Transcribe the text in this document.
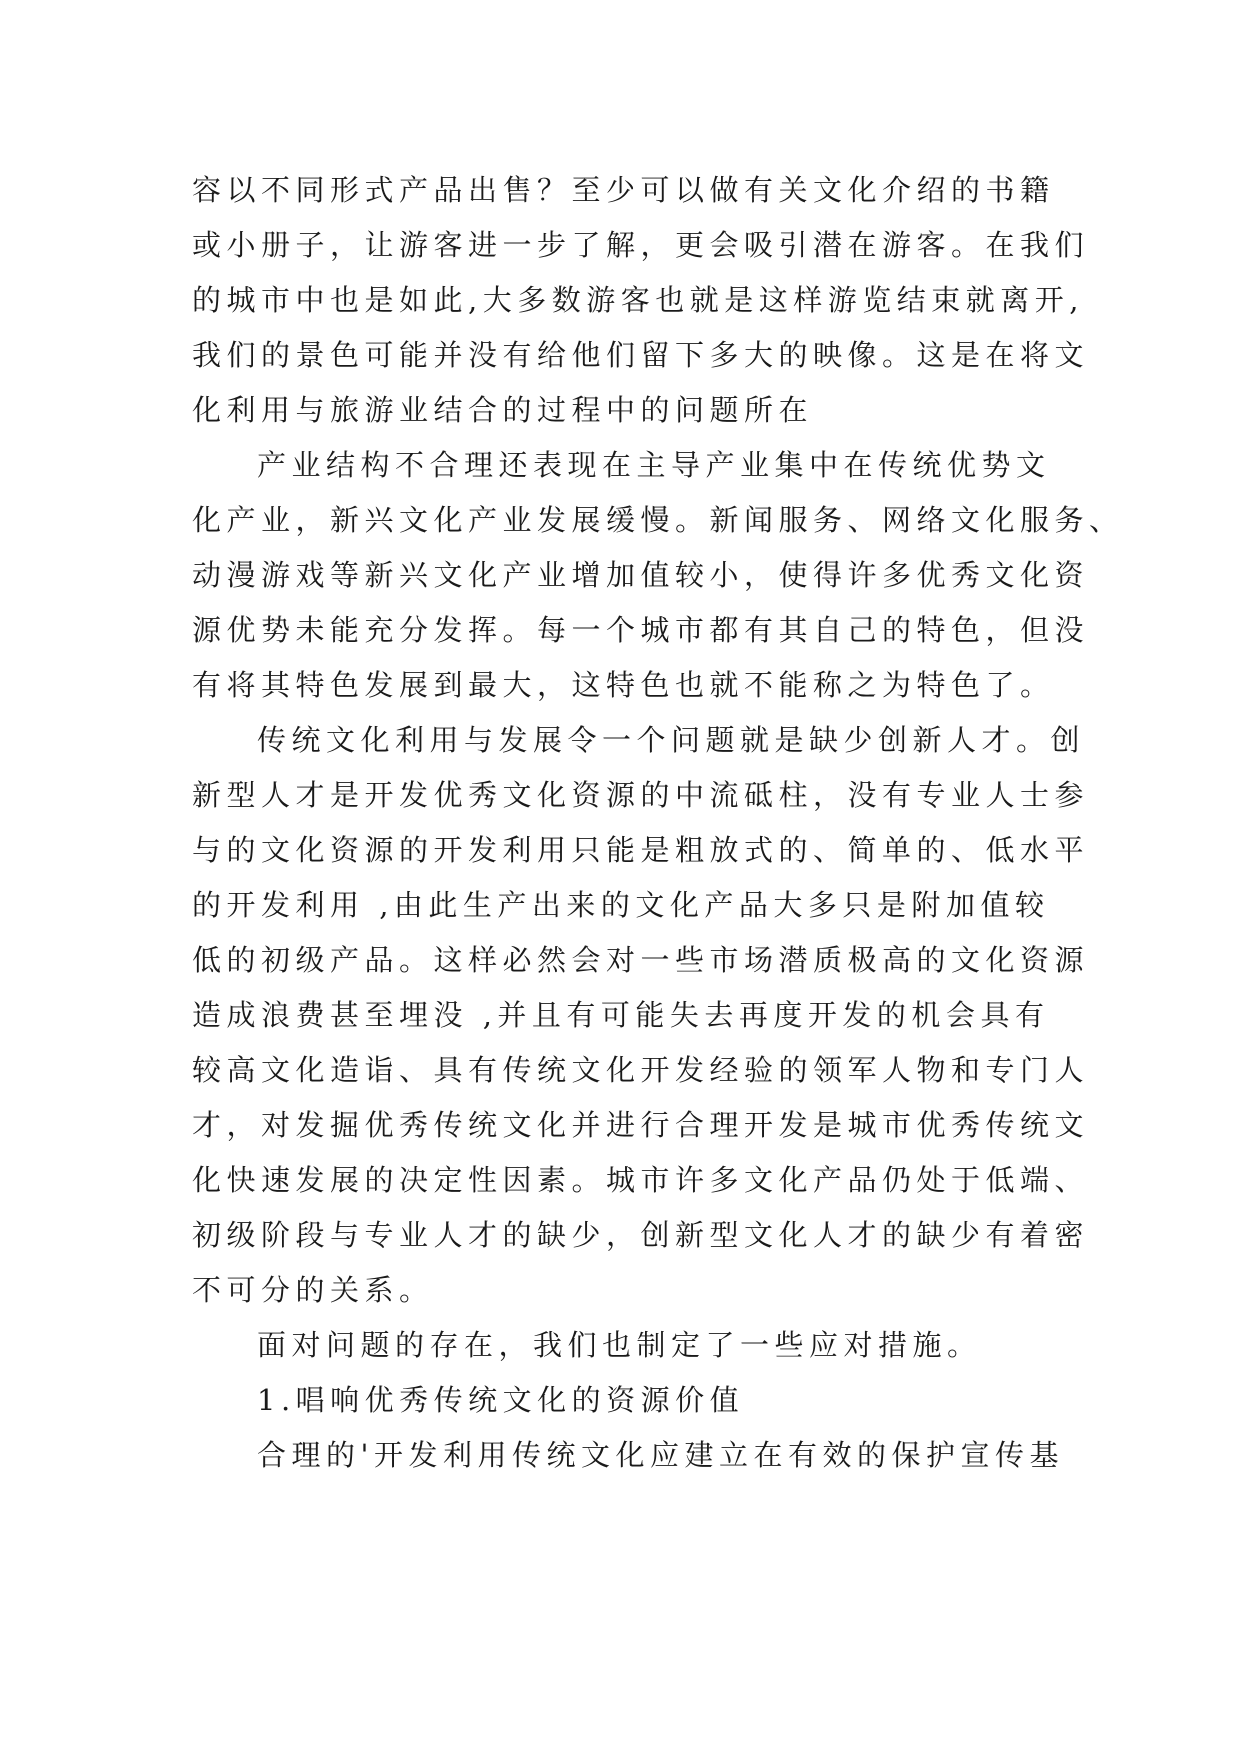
容以不同形式产品出售？至少可以做有关文化介绍的书籍
或小册子，让游客进一步了解，更会吸引潜在游客。在我们
的城市中也是如此,大多数游客也就是这样游览结束就离开,
我们的景色可能并没有给他们留下多大的映像。这是在将文
化利用与旅游业结合的过程中的问题所在
产业结构不合理还表现在主导产业集中在传统优势文
化产业，新兴文化产业发展缓慢。新闻服务、网络文化服务、
动漫游戏等新兴文化产业增加值较小，使得许多优秀文化资
源优势未能充分发挥。每一个城市都有其自己的特色，但没
有将其特色发展到最大，这特色也就不能称之为特色了。
传统文化利用与发展令一个问题就是缺少创新人才。创
新型人才是开发优秀文化资源的中流砥柱，没有专业人士参
与的文化资源的开发利用只能是粗放式的、简单的、低水平
的开发利用 ,由此生产出来的文化产品大多只是附加值较
低的初级产品。这样必然会对一些市场潜质极高的文化资源
造成浪费甚至埋没 ,并且有可能失去再度开发的机会具有
较高文化造诣、具有传统文化开发经验的领军人物和专门人
才，对发掘优秀传统文化并进行合理开发是城市优秀传统文
化快速发展的决定性因素。城市许多文化产品仍处于低端、
初级阶段与专业人才的缺少，创新型文化人才的缺少有着密
不可分的关系。
面对问题的存在，我们也制定了一些应对措施。
1.唱响优秀传统文化的资源价值
合理的'开发利用传统文化应建立在有效的保护宣传基
